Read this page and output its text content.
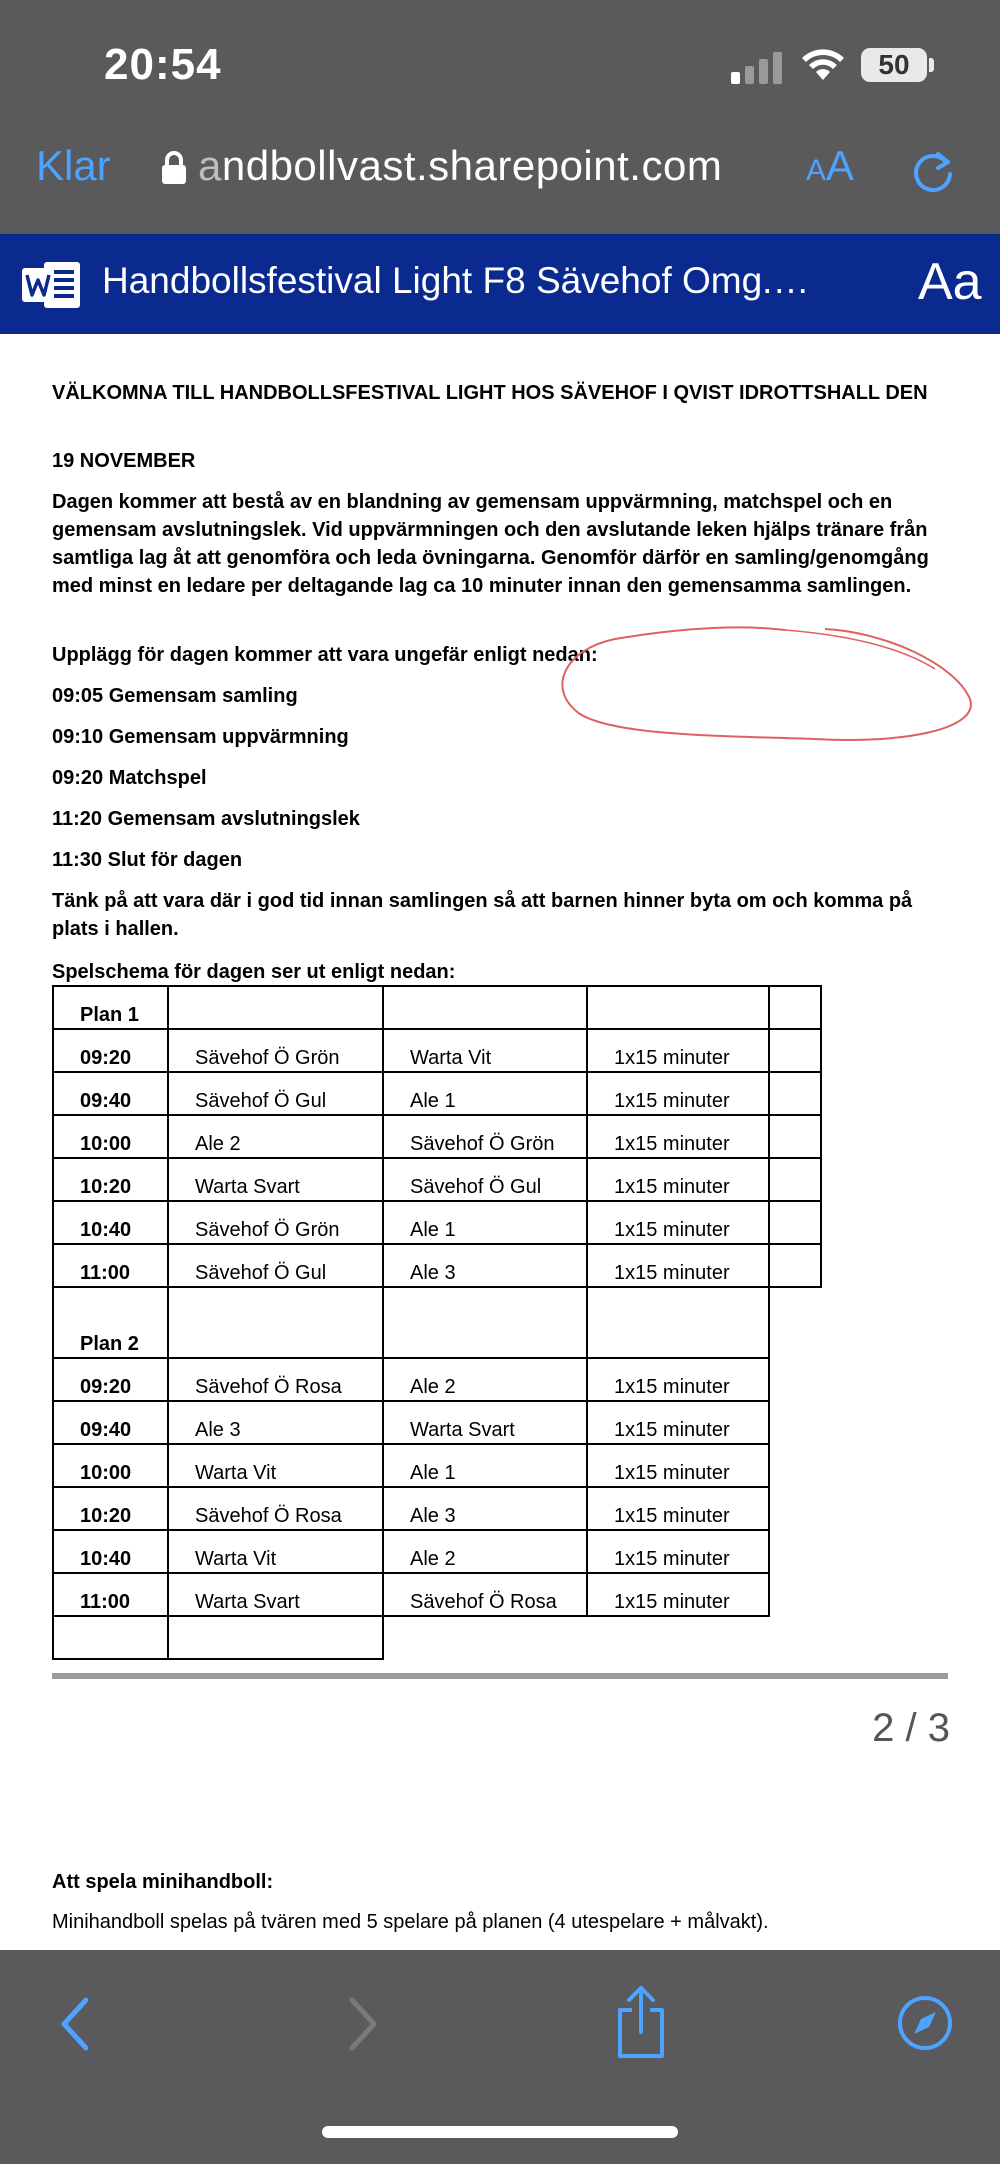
20:54	50
Klar andbollvast.sharepoint.com	AA
Handbollsfestival Light F8 Sävehof Omg.… Aa
VÄLKOMNA TILL HANDBOLLSFESTIVAL LIGHT HOS SÄVEHOF I QVIST IDROTTSHALL DEN
19 NOVEMBER
Dagen kommer att bestå av en blandning av gemensam uppvärmning, matchspel och en gemensam avslutningslek. Vid uppvärmningen och den avslutande leken hjälps tränare från samtliga lag åt att genomföra och leda övningarna. Genomför därför en samling/genomgång med minst en ledare per deltagande lag ca 10 minuter innan den gemensamma samlingen.
Upplägg för dagen kommer att vara ungefär enligt nedan:
09:05 Gemensam samling
09:10 Gemensam uppvärmning
09:20 Matchspel
11:20 Gemensam avslutningslek
11:30 Slut för dagen
Tänk på att vara där i god tid innan samlingen så att barnen hinner byta om och komma på plats i hallen.
Spelschema för dagen ser ut enligt nedan:
Plan 1				
09:20	Sävehof Ö Grön	Warta Vit	1x15 minuter	
09:40	Sävehof Ö Gul	Ale 1	1x15 minuter	
10:00	Ale 2	Sävehof Ö Grön	1x15 minuter	
10:20	Warta Svart	Sävehof Ö Gul	1x15 minuter	
10:40	Sävehof Ö Grön	Ale 1	1x15 minuter	
11:00	Sävehof Ö Gul	Ale 3	1x15 minuter	
Plan 2				
09:20	Sävehof Ö Rosa	Ale 2	1x15 minuter	
09:40	Ale 3	Warta Svart	1x15 minuter	
10:00	Warta Vit	Ale 1	1x15 minuter	
10:20	Sävehof Ö Rosa	Ale 3	1x15 minuter	
10:40	Warta Vit	Ale 2	1x15 minuter	
11:00	Warta Svart	Sävehof Ö Rosa	1x15 minuter	

2 / 3
Att spela minihandboll:
Minihandboll spelas på tvären med 5 spelare på planen (4 utespelare + målvakt).
